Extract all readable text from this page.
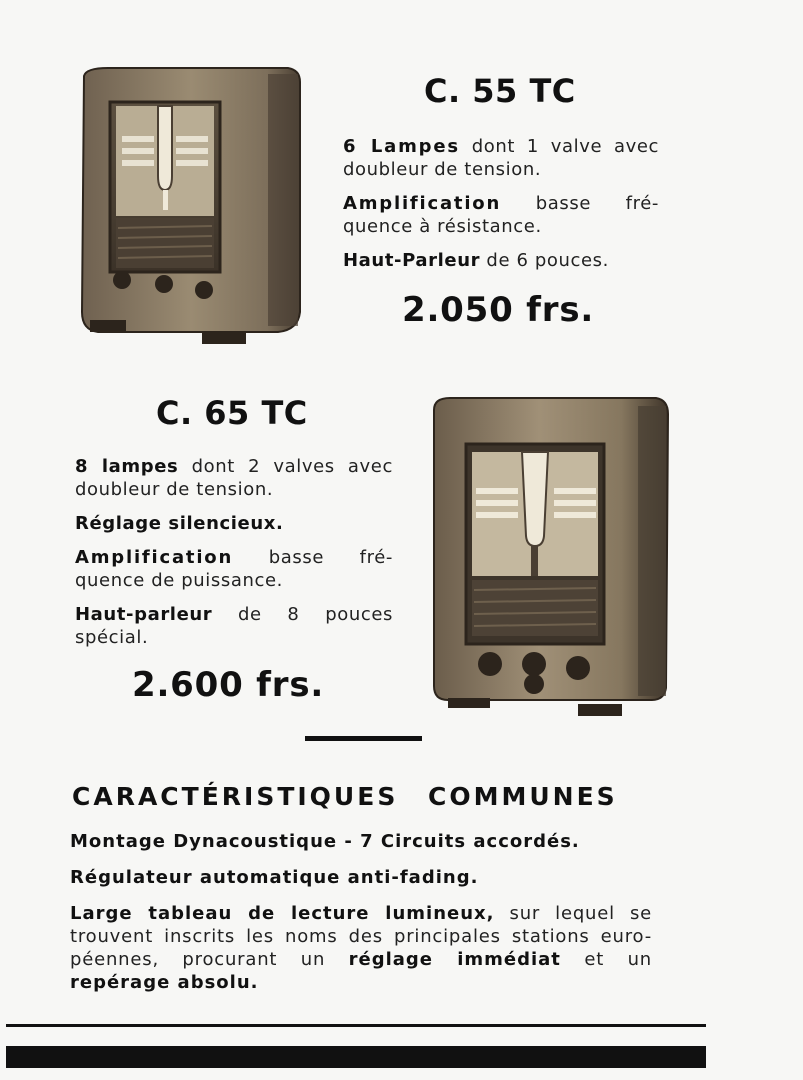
C. 55 TC

6 Lampes dont 1 valve avec doubleur de tension.

Amplification basse fré-quence à résistance.

Haut-Parleur de 6 pouces.

2.050 frs.
C. 65 TC

8 lampes dont 2 valves avec doubleur de tension.

Réglage silencieux.

Amplification basse fré-quence de puissance.

Haut-parleur de 8 pouces spécial.

2.600 frs.
CARACTÉRISTIQUES COMMUNES

Montage Dynacoustique - 7 Circuits accordés.

Régulateur automatique anti-fading.

Large tableau de lecture lumineux, sur lequel se trouvent inscrits les noms des principales stations euro-péennes, procurant un réglage immédiat et un repérage absolu.
